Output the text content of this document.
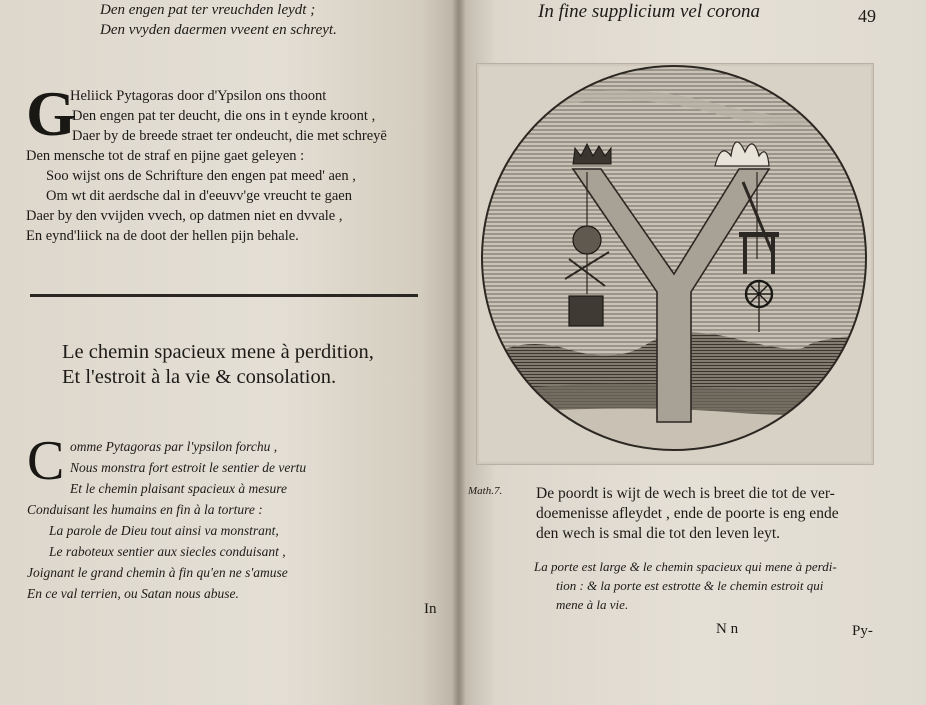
Den engen pat ter vreuchden leydt ;
Den vvyden daermen vveent en schreyt.
G
Heliick Pytagoras door d'Ypsilon ons thoont
Den engen pat ter deucht, die ons in t eynde kroont ,
Daer by de breede straet ter ondeucht, die met schreyē
Den mensche tot de straf en pijne gaet geleyen :
Soo wijst ons de Schrifture den engen pat meed' aen ,
Om wt dit aerdsche dal in d'eeuvv'ge vreucht te gaen
Daer by den vvijden vvech, op datmen niet en dvvale ,
En eynd'liick na de doot der hellen pijn behale.
Le chemin spacieux mene à perdition,
Et l'estroit à la vie & consolation.
C omme Pytagoras par l'ypsilon forchu ,
Nous monstra fort estroit le sentier de vertu
Et le chemin plaisant spacieux à mesure
Conduisant les humains en fin à la torture :
La parole de Dieu tout ainsi va monstrant,
Le raboteux sentier aux siecles conduisant ,
Joignant le grand chemin à fin qu'en ne s'amuse
En ce val terrien, ou Satan nous abuse.
In
In fine supplicium vel corona	49
Math.7. De poordt is wijt de wech is breet die tot de ver-
doemenisse afleydet , ende de poorte is eng ende
den wech is smal die tot den leven leyt.
La porte est large & le chemin spacieux qui mene à perdi-
tion : & la porte est estrotte & le chemin estroit qui
mene à la vie.
N n	Py-
